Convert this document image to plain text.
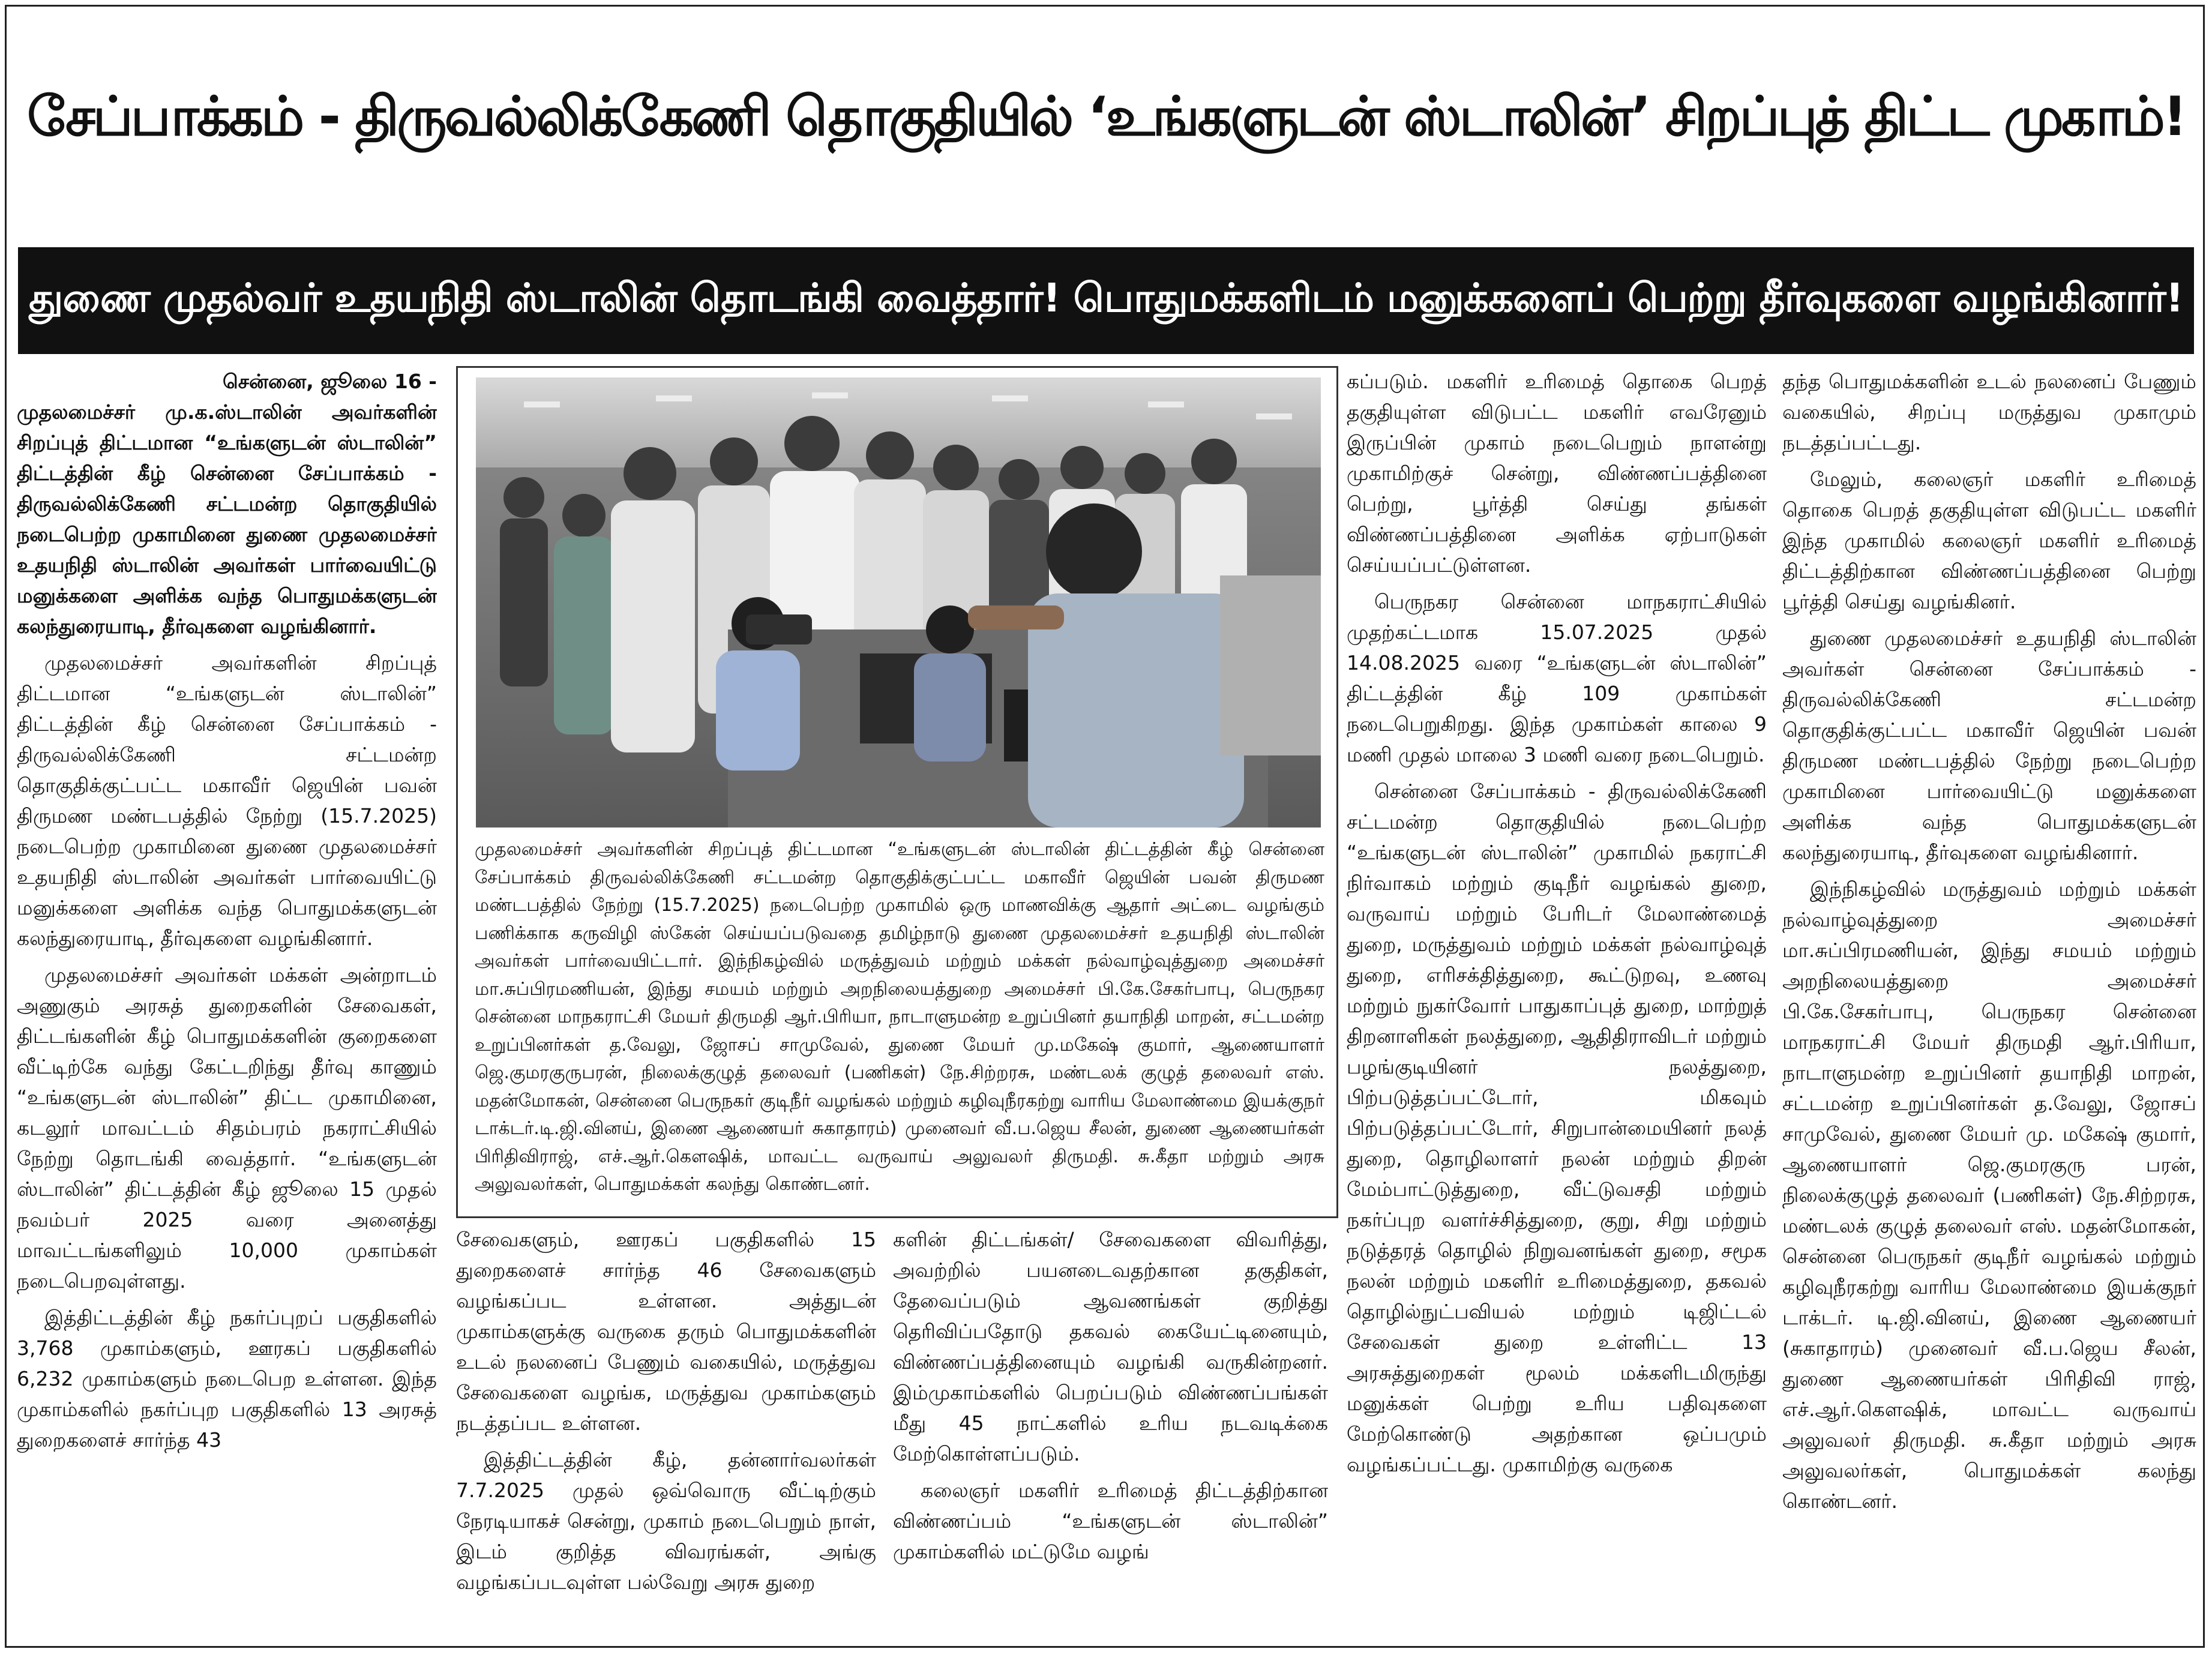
சேப்பாக்கம் - திருவல்லிக்கேணி தொகுதியில் ‘உங்களுடன் ஸ்டாலின்’ சிறப்புத் திட்ட முகாம்!
துணை முதல்வர் உதயநிதி ஸ்டாலின் தொடங்கி வைத்தார்! பொதுமக்களிடம் மனுக்களைப் பெற்று தீர்வுகளை வழங்கினார்!

சென்னை, ஜூலை 16 -
முதலமைச்சர் மு.க.ஸ்டாலின் அவர்களின் சிறப்புத் திட்டமான “உங்களுடன் ஸ்டாலின்” திட்டத்தின் கீழ் சென்னை சேப்பாக்கம் - திருவல்லிக்கேணி சட்டமன்ற தொகுதியில் நடைபெற்ற முகாமினை துணை முதலமைச்சர் உதயநிதி ஸ்டாலின் அவர்கள் பார்வையிட்டு மனுக்களை அளிக்க வந்த பொதுமக்களுடன் கலந்துரையாடி, தீர்வுகளை வழங்கினார்.

முதலமைச்சர் அவர்களின் சிறப்புத் திட்டமான “உங்களுடன் ஸ்டாலின்” திட்டத்தின் கீழ் சென்னை சேப்பாக்கம் - திருவல்லிக்கேணி சட்டமன்ற தொகுதிக்குட்பட்ட மகாவீர் ஜெயின் பவன் திருமண மண்டபத்தில் நேற்று (15.7.2025) நடைபெற்ற முகாமினை துணை முதலமைச்சர் உதயநிதி ஸ்டாலின் அவர்கள் பார்வையிட்டு மனுக்களை அளிக்க வந்த பொதுமக்களுடன் கலந்துரையாடி, தீர்வுகளை வழங்கினார்.

முதலமைச்சர் அவர்கள் மக்கள் அன்றாடம் அணுகும் அரசுத் துறைகளின் சேவைகள், திட்டங்களின் கீழ் பொதுமக்களின் குறைகளை வீட்டிற்கே வந்து கேட்டறிந்து தீர்வு காணும் “உங்களுடன் ஸ்டாலின்” திட்ட முகாமினை, கடலூர் மாவட்டம் சிதம்பரம் நகராட்சியில் நேற்று தொடங்கி வைத்தார். “உங்களுடன் ஸ்டாலின்” திட்டத்தின் கீழ் ஜூலை 15 முதல் நவம்பர் 2025 வரை அனைத்து மாவட்டங்களிலும் 10,000 முகாம்கள் நடைபெறவுள்ளது.

இத்திட்டத்தின் கீழ் நகர்ப்புறப் பகுதிகளில் 3,768 முகாம்களும், ஊரகப் பகுதிகளில் 6,232 முகாம்களும் நடைபெற உள்ளன. இந்த முகாம்களில் நகர்ப்புற பகுதிகளில் 13 அரசுத் துறைகளைச் சார்ந்த 43

முதலமைச்சர் அவர்களின் சிறப்புத் திட்டமான “உங்களுடன் ஸ்டாலின் திட்டத்தின் கீழ் சென்னை சேப்பாக்கம் திருவல்லிக்கேணி சட்டமன்ற தொகுதிக்குட்பட்ட மகாவீர் ஜெயின் பவன் திருமண மண்டபத்தில் நேற்று (15.7.2025) நடைபெற்ற முகாமில் ஒரு மாணவிக்கு ஆதார் அட்டை வழங்கும் பணிக்காக கருவிழி ஸ்கேன் செய்யப்படுவதை தமிழ்நாடு துணை முதலமைச்சர் உதயநிதி ஸ்டாலின் அவர்கள் பார்வையிட்டார். இந்நிகழ்வில் மருத்துவம் மற்றும் மக்கள் நல்வாழ்வுத்துறை அமைச்சர் மா.சுப்பிரமணியன், இந்து சமயம் மற்றும் அறநிலையத்துறை அமைச்சர் பி.கே.சேகர்பாபு, பெருநகர சென்னை மாநகராட்சி மேயர் திருமதி ஆர்.பிரியா, நாடாளுமன்ற உறுப்பினர் தயாநிதி மாறன், சட்டமன்ற உறுப்பினர்கள் த.வேலு, ஜோசப் சாமுவேல், துணை மேயர் மு.மகேஷ் குமார், ஆணையாளர் ஜெ.குமரகுருபரன், நிலைக்குழுத் தலைவர் (பணிகள்) நே.சிற்றரசு, மண்டலக் குழுத் தலைவர் எஸ். மதன்மோகன், சென்னை பெருநகர் குடிநீர் வழங்கல் மற்றும் கழிவுநீரகற்று வாரிய மேலாண்மை இயக்குநர் டாக்டர்.டி.ஜி.வினய், இணை ஆணையர் சுகாதாரம்) முனைவர் வீ.ப.ஜெய சீலன், துணை ஆணையர்கள் பிரிதிவிராஜ், எச்.ஆர்.கௌஷிக், மாவட்ட வருவாய் அலுவலர் திருமதி. சு.கீதா மற்றும் அரசு அலுவலர்கள், பொதுமக்கள் கலந்து கொண்டனர்.

சேவைகளும், ஊரகப் பகுதிகளில் 15 துறைகளைச் சார்ந்த 46 சேவைகளும் வழங்கப்பட உள்ளன. அத்துடன் முகாம்களுக்கு வருகை தரும் பொதுமக்களின் உடல் நலனைப் பேணும் வகையில், மருத்துவ சேவைகளை வழங்க, மருத்துவ முகாம்களும் நடத்தப்பட உள்ளன.

இத்திட்டத்தின் கீழ், தன்னார்வலர்கள் 7.7.2025 முதல் ஒவ்வொரு வீட்டிற்கும் நேரடியாகச் சென்று, முகாம் நடைபெறும் நாள், இடம் குறித்த விவரங்கள், அங்கு வழங்கப்படவுள்ள பல்வேறு அரசு துறை

களின் திட்டங்கள்/ சேவைகளை விவரித்து, அவற்றில் பயனடைவதற்கான தகுதிகள், தேவைப்படும் ஆவணங்கள் குறித்து தெரிவிப்பதோடு தகவல் கையேட்டினையும், விண்ணப்பத்தினையும் வழங்கி வருகின்றனர். இம்முகாம்களில் பெறப்படும் விண்ணப்பங்கள் மீது 45 நாட்களில் உரிய நடவடிக்கை மேற்கொள்ளப்படும்.

கலைஞர் மகளிர் உரிமைத் திட்டத்திற்கான விண்ணப்பம் “உங்களுடன் ஸ்டாலின்” முகாம்களில் மட்டுமே வழங்

கப்படும். மகளிர் உரிமைத் தொகை பெறத் தகுதியுள்ள விடுபட்ட மகளிர் எவரேனும் இருப்பின் முகாம் நடைபெறும் நாளன்று முகாமிற்குச் சென்று, விண்ணப்பத்தினை பெற்று, பூர்த்தி செய்து தங்கள் விண்ணப்பத்தினை அளிக்க ஏற்பாடுகள் செய்யப்பட்டுள்ளன.

பெருநகர சென்னை மாநகராட்சியில் முதற்கட்டமாக 15.07.2025 முதல் 14.08.2025 வரை “உங்களுடன் ஸ்டாலின்” திட்டத்தின் கீழ் 109 முகாம்கள் நடைபெறுகிறது. இந்த முகாம்கள் காலை 9 மணி முதல் மாலை 3 மணி வரை நடைபெறும்.

சென்னை சேப்பாக்கம் - திருவல்லிக்கேணி சட்டமன்ற தொகுதியில் நடைபெற்ற “உங்களுடன் ஸ்டாலின்” முகாமில் நகராட்சி நிர்வாகம் மற்றும் குடிநீர் வழங்கல் துறை, வருவாய் மற்றும் பேரிடர் மேலாண்மைத் துறை, மருத்துவம் மற்றும் மக்கள் நல்வாழ்வுத் துறை, எரிசக்தித்துறை, கூட்டுறவு, உணவு மற்றும் நுகர்வோர் பாதுகாப்புத் துறை, மாற்றுத் திறனாளிகள் நலத்துறை, ஆதிதிராவிடர் மற்றும் பழங்குடியினர் நலத்துறை, பிற்படுத்தப்பட்டோர், மிகவும் பிற்படுத்தப்பட்டோர், சிறுபான்மையினர் நலத் துறை, தொழிலாளர் நலன் மற்றும் திறன் மேம்பாட்டுத்துறை, வீட்டுவசதி மற்றும் நகர்ப்புற வளர்ச்சித்துறை, குறு, சிறு மற்றும் நடுத்தரத் தொழில் நிறுவனங்கள் துறை, சமூக நலன் மற்றும் மகளிர் உரிமைத்துறை, தகவல் தொழில்நுட்பவியல் மற்றும் டிஜிட்டல் சேவைகள் துறை உள்ளிட்ட 13 அரசுத்துறைகள் மூலம் மக்களிடமிருந்து மனுக்கள் பெற்று உரிய பதிவுகளை மேற்கொண்டு அதற்கான ஒப்பமும் வழங்கப்பட்டது. முகாமிற்கு வருகை

தந்த பொதுமக்களின் உடல் நலனைப் பேணும் வகையில், சிறப்பு மருத்துவ முகாமும் நடத்தப்பட்டது.

மேலும், கலைஞர் மகளிர் உரிமைத் தொகை பெறத் தகுதியுள்ள விடுபட்ட மகளிர் இந்த முகாமில் கலைஞர் மகளிர் உரிமைத் திட்டத்திற்கான விண்ணப்பத்தினை பெற்று பூர்த்தி செய்து வழங்கினர்.

துணை முதலமைச்சர் உதயநிதி ஸ்டாலின் அவர்கள் சென்னை சேப்பாக்கம் - திருவல்லிக்கேணி சட்டமன்ற தொகுதிக்குட்பட்ட மகாவீர் ஜெயின் பவன் திருமண மண்டபத்தில் நேற்று நடைபெற்ற முகாமினை பார்வையிட்டு மனுக்களை அளிக்க வந்த பொதுமக்களுடன் கலந்துரையாடி, தீர்வுகளை வழங்கினார்.

இந்நிகழ்வில் மருத்துவம் மற்றும் மக்கள் நல்வாழ்வுத்துறை அமைச்சர் மா.சுப்பிரமணியன், இந்து சமயம் மற்றும் அறநிலையத்துறை அமைச்சர் பி.கே.சேகர்பாபு, பெருநகர சென்னை மாநகராட்சி மேயர் திருமதி ஆர்.பிரியா, நாடாளுமன்ற உறுப்பினர் தயாநிதி மாறன், சட்டமன்ற உறுப்பினர்கள் த.வேலு, ஜோசப் சாமுவேல், துணை மேயர் மு. மகேஷ் குமார், ஆணையாளர் ஜெ.குமரகுரு பரன், நிலைக்குழுத் தலைவர் (பணிகள்) நே.சிற்றரசு, மண்டலக் குழுத் தலைவர் எஸ். மதன்மோகன், சென்னை பெருநகர் குடிநீர் வழங்கல் மற்றும் கழிவுநீரகற்று வாரிய மேலாண்மை இயக்குநர் டாக்டர். டி.ஜி.வினய், இணை ஆணையர் (சுகாதாரம்) முனைவர் வீ.ப.ஜெய சீலன், துணை ஆணையர்கள் பிரிதிவி ராஜ், எச்.ஆர்.கௌஷிக், மாவட்ட வருவாய் அலுவலர் திருமதி. சு.கீதா மற்றும் அரசு அலுவலர்கள், பொதுமக்கள் கலந்து கொண்டனர்.
